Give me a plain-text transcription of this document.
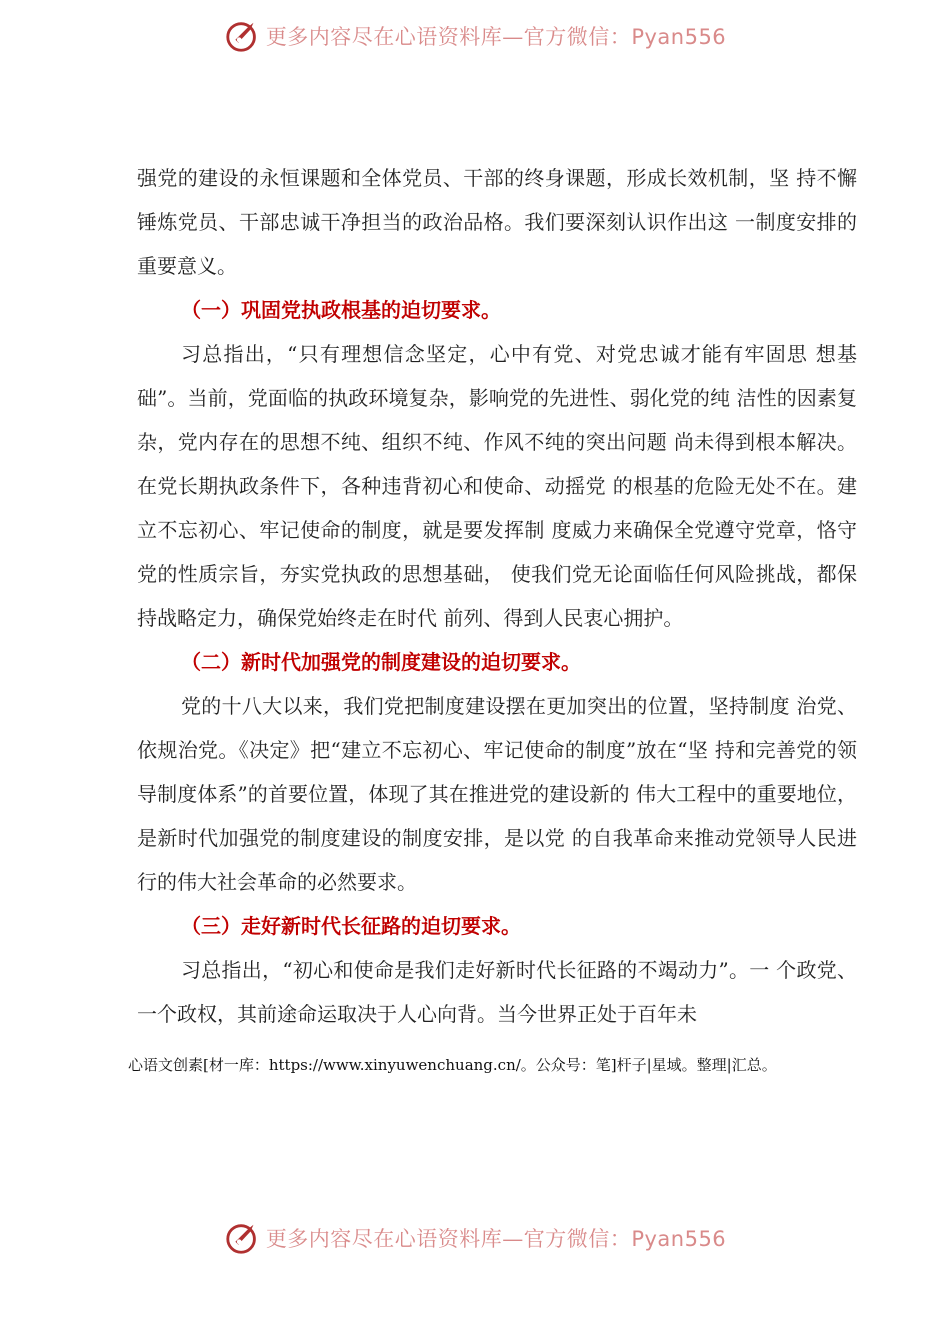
更多内容尽在心语资料库—官方微信：Pyan556

强党的建设的永恒课题和全体党员、干部的终身课题，形成长效机制，坚 持不懈锤炼党员、干部忠诚干净担当的政治品格。我们要深刻认识作出这 一制度安排的重要意义。

（一）巩固党执政根基的迫切要求。

习总指出，“只有理想信念坚定，心中有党、对党忠诚才能有牢固思 想基础”。当前，党面临的执政环境复杂，影响党的先进性、弱化党的纯 洁性的因素复杂，党内存在的思想不纯、组织不纯、作风不纯的突出问题 尚未得到根本解决。在党长期执政条件下，各种违背初心和使命、动摇党 的根基的危险无处不在。建立不忘初心、牢记使命的制度，就是要发挥制 度威力来确保全党遵守党章，恪守党的性质宗旨，夯实党执政的思想基础， 使我们党无论面临任何风险挑战，都保持战略定力，确保党始终走在时代 前列、得到人民衷心拥护。

（二）新时代加强党的制度建设的迫切要求。

党的十八大以来，我们党把制度建设摆在更加突出的位置，坚持制度 治党、依规治党。《决定》把“建立不忘初心、牢记使命的制度”放在“坚 持和完善党的领导制度体系”的首要位置，体现了其在推进党的建设新的 伟大工程中的重要地位，是新时代加强党的制度建设的制度安排，是以党 的自我革命来推动党领导人民进行的伟大社会革命的必然要求。

（三）走好新时代长征路的迫切要求。

习总指出，“初心和使命是我们走好新时代长征路的不竭动力”。一 个政党、一个政权，其前途命运取决于人心向背。当今世界正处于百年未

心语文创素[材一库：https://www.xinyuwenchuang.cn/。公众号：笔]杆子|星域。整理|汇总。
更多内容尽在心语资料库—官方微信：Pyan556
